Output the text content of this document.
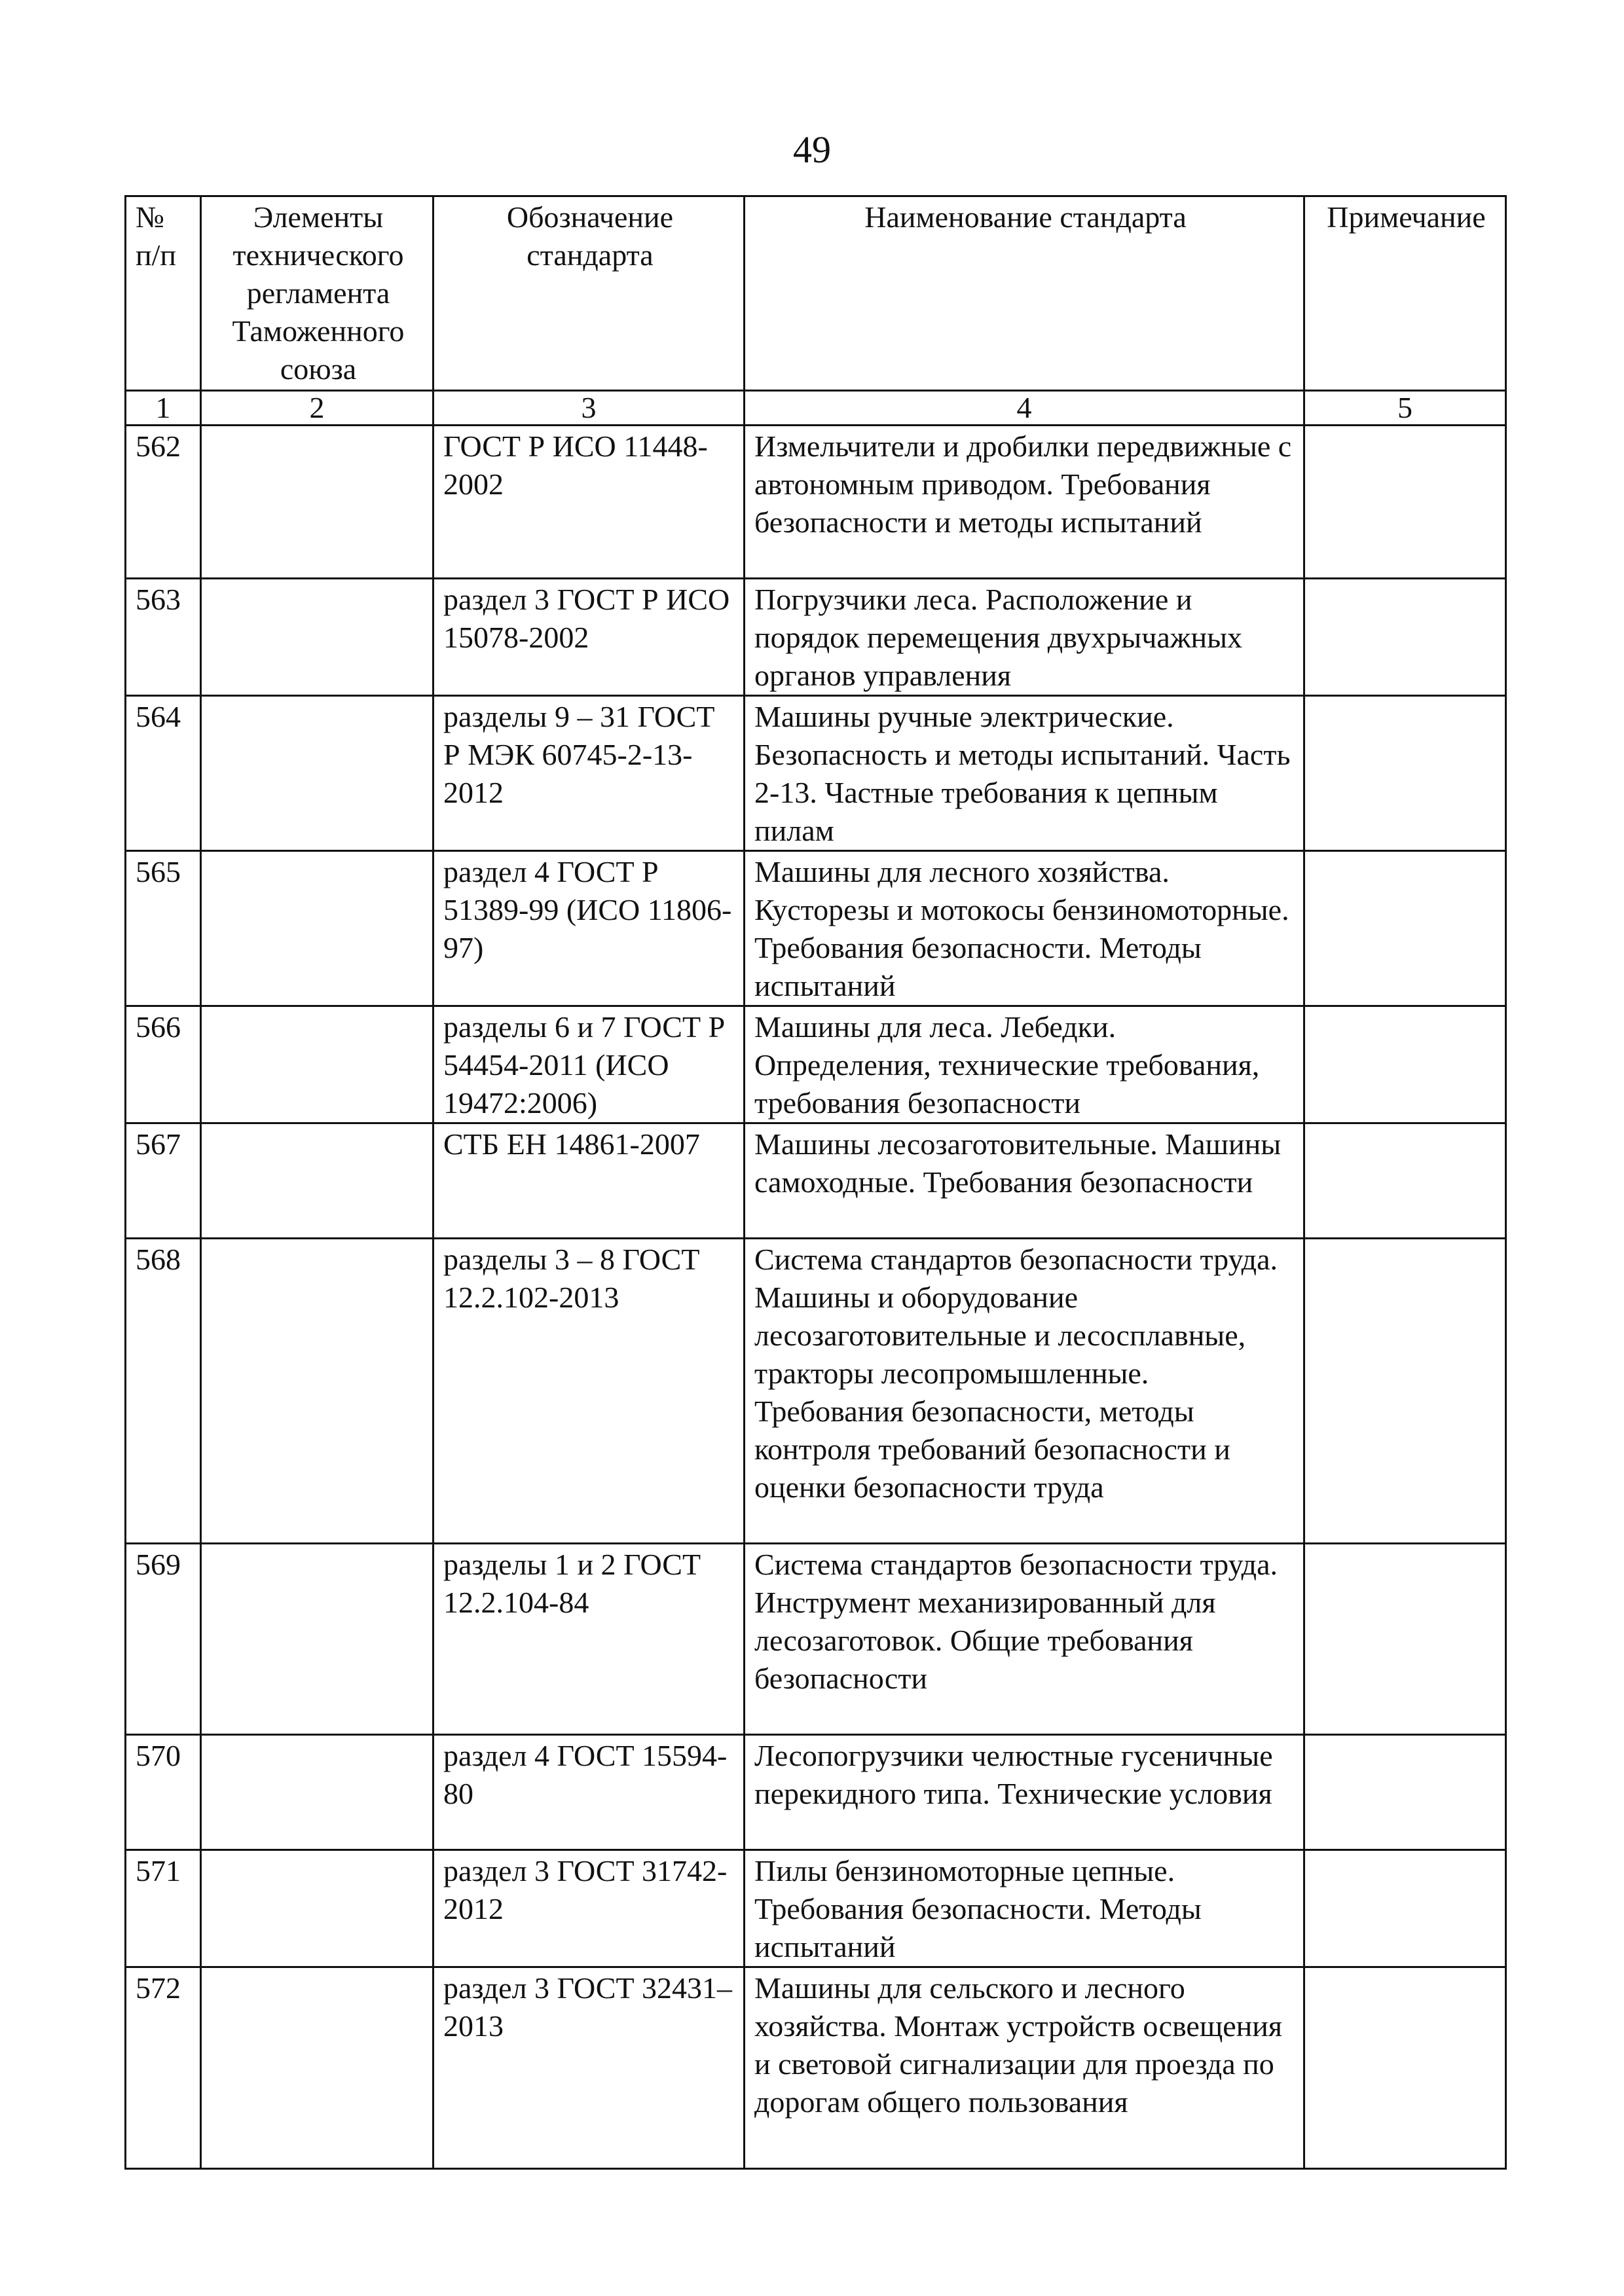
49
№ п/п	Элементы технического регламента Таможенного союза	Обозначение стандарта	Наименование стандарта	Примечание
1	2	3	4	5
562		ГОСТ Р ИСО 11448-2002	Измельчители и дробилки передвижные с автономным приводом. Требования безопасности и методы испытаний	
563		раздел 3 ГОСТ Р ИСО 15078-2002	Погрузчики леса. Расположение и порядок перемещения двухрычажных органов управления	
564		разделы 9 – 31 ГОСТ Р МЭК 60745-2-13-2012	Машины ручные электрические. Безопасность и методы испытаний. Часть 2-13. Частные требования к цепным пилам	
565		раздел 4 ГОСТ Р 51389-99 (ИСО 11806-97)	Машины для лесного хозяйства. Кусторезы и мотокосы бензиномоторные. Требования безопасности. Методы испытаний	
566		разделы 6 и 7 ГОСТ Р 54454-2011 (ИСО 19472:2006)	Машины для леса. Лебедки. Определения, технические требования, требования безопасности	
567		СТБ ЕН 14861-2007	Машины лесозаготовительные. Машины самоходные. Требования безопасности	
568		разделы 3 – 8 ГОСТ 12.2.102-2013	Система стандартов безопасности труда. Машины и оборудование лесозаготовительные и лесосплавные, тракторы лесопромышленные. Требования безопасности, методы контроля требований безопасности и оценки безопасности труда	
569		разделы 1 и 2 ГОСТ 12.2.104-84	Система стандартов безопасности труда. Инструмент механизированный для лесозаготовок. Общие требования безопасности	
570		раздел 4 ГОСТ 15594-80	Лесопогрузчики челюстные гусеничные перекидного типа. Технические условия	
571		раздел 3 ГОСТ 31742-2012	Пилы бензиномоторные цепные. Требования безопасности. Методы испытаний	
572		раздел 3 ГОСТ 32431–2013	Машины для сельского и лесного хозяйства. Монтаж устройств освещения и световой сигнализации для проезда по дорогам общего пользования	
